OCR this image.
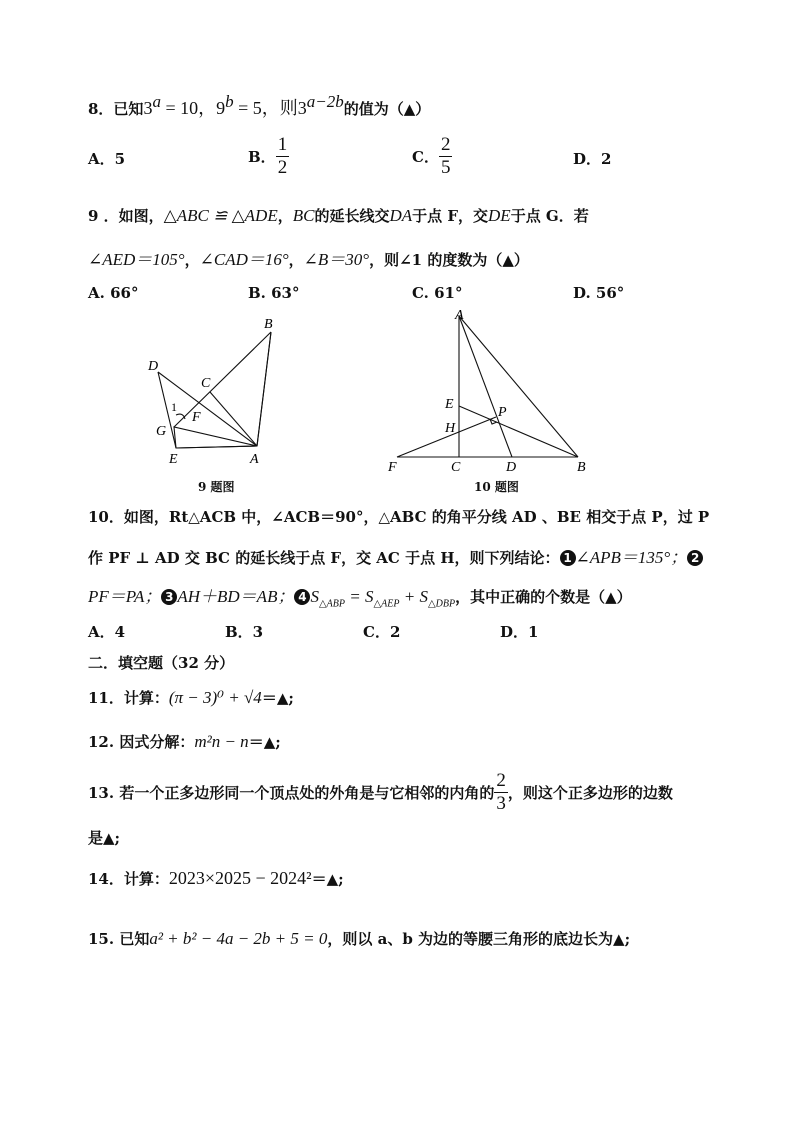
8．已知$3^a = 10$，$9^b = 5$，则$3^{a-2b}$的值为（▲）
A．5	B． $\frac{1}{2}$	C． $\frac{2}{5}$	D．2
9 ．如图，△ABC ≌ △ADE，BC的延长线交DA于点 F，交DE于点 G．若
∠AED＝105°，∠CAD＝16°，∠B＝30°，则∠1 的度数为（▲）
A. 66°	B. 63°	C. 61°	D. 56°
B
D
C
1
F
G
E	A
9 题图
A
E
P
H
F	C	D	B
10 题图
10．如图，Rt△ACB 中，∠ACB＝90°，△ABC 的角平分线 AD 、BE 相交于点 P，过 P
作 PF ⊥ AD 交 BC 的延长线于点 F，交 AC 于点 H，则下列结论： 1 ∠APB＝135°； 2
PF＝PA； 3 AH＋BD＝AB； 4 $S_{\triangle ABP} = S_{\triangle AEP} + S_{\triangle DBP}$，其中正确的个数是（▲）
A．4	B．3	C．2	D．1
二．填空题（32 分）
11．计算：(π − 3)⁰ + √4＝▲;
12. 因式分解：m²n − n＝▲;
13. 若一个正多边形同一个顶点处的外角是与它相邻的内角的 $\frac{2}{3}$ ，则这个正多边形的边数
是▲;
14．计算：2023×2025 − 2024²＝▲;
15. 已知a² + b² − 4a − 2b + 5 = 0，则以 a、b 为边的等腰三角形的底边长为▲;
